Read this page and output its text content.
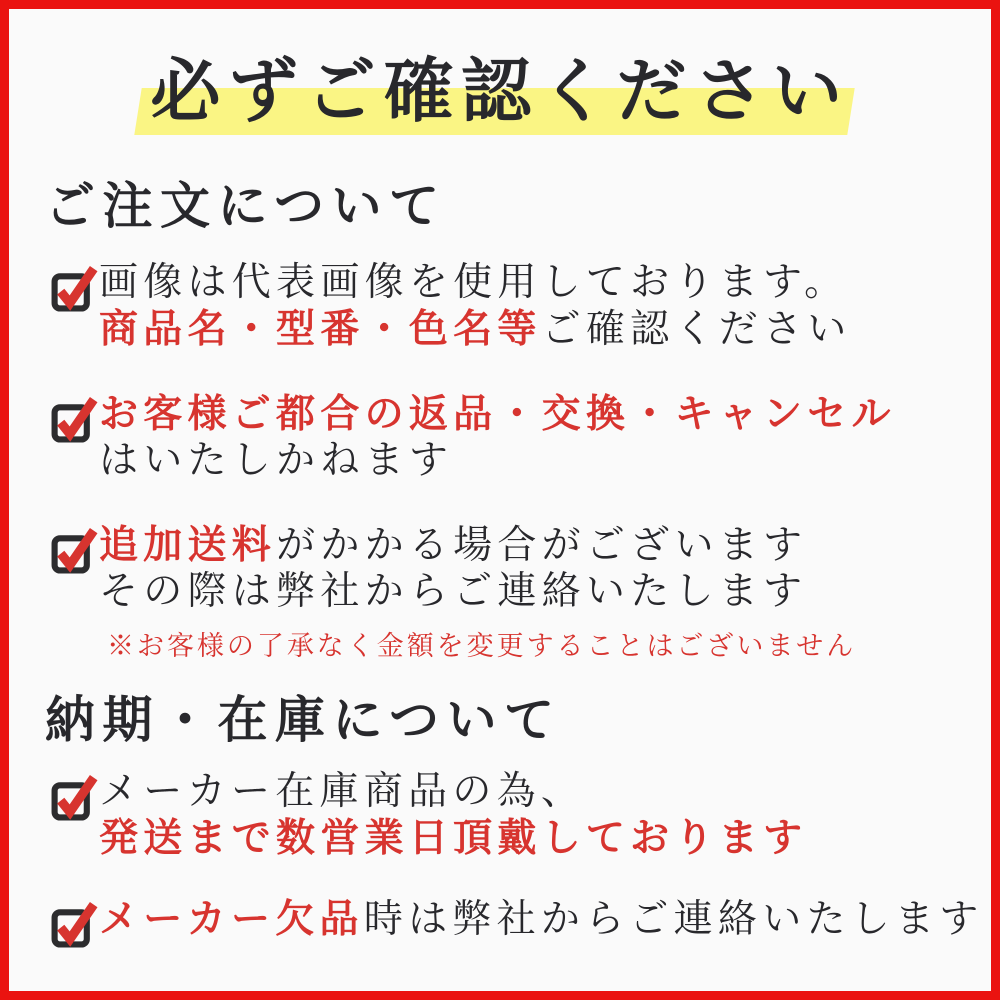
必ずご確認ください
ご注文について

画像は代表画像を使用しております。

商品名・型番・色名等ご確認ください

お客様ご都合の返品・交換・キャンセル

はいたしかねます

追加送料がかかる場合がございます

その際は弊社からご連絡いたします

※お客様の了承なく金額を変更することはございません

納期・在庫について

メーカー在庫商品の為、

発送まで数営業日頂戴しております

メーカー欠品時は弊社からご連絡いたします
